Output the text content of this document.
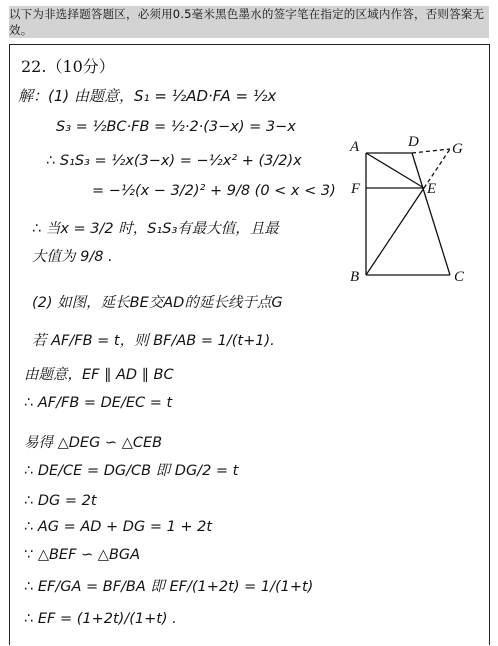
以下为非选择题答题区，必须用0.5毫米黑色墨水的签字笔在指定的区域内作答，否则答案无效。
22.（10分）
解：(1) 由题意，S₁ = ½AD·FA = ½x
S₃ = ½BC·FB = ½·2·(3−x) = 3−x
∴ S₁S₃ = ½x(3−x) = −½x² + (3/2)x
= −½(x − 3/2)² + 9/8 (0 < x < 3)
∴ 当x = 3/2 时，S₁S₃有最大值，且最
大值为 9/8 .
(2) 如图，延长BE交AD的延长线于点G
若 AF/FB = t，则 BF/AB = 1/(t+1).
由题意，EF ∥ AD ∥ BC
∴ AF/FB = DE/EC = t
易得 △DEG ∽ △CEB
∴ DE/CE = DG/CB 即 DG/2 = t
∴ DG = 2t
∴ AG = AD + DG = 1 + 2t
∵ △BEF ∽ △BGA
∴ EF/GA = BF/BA 即 EF/(1+2t) = 1/(1+t)
∴ EF = (1+2t)/(1+t) .
A	D G
F	E
B	C
